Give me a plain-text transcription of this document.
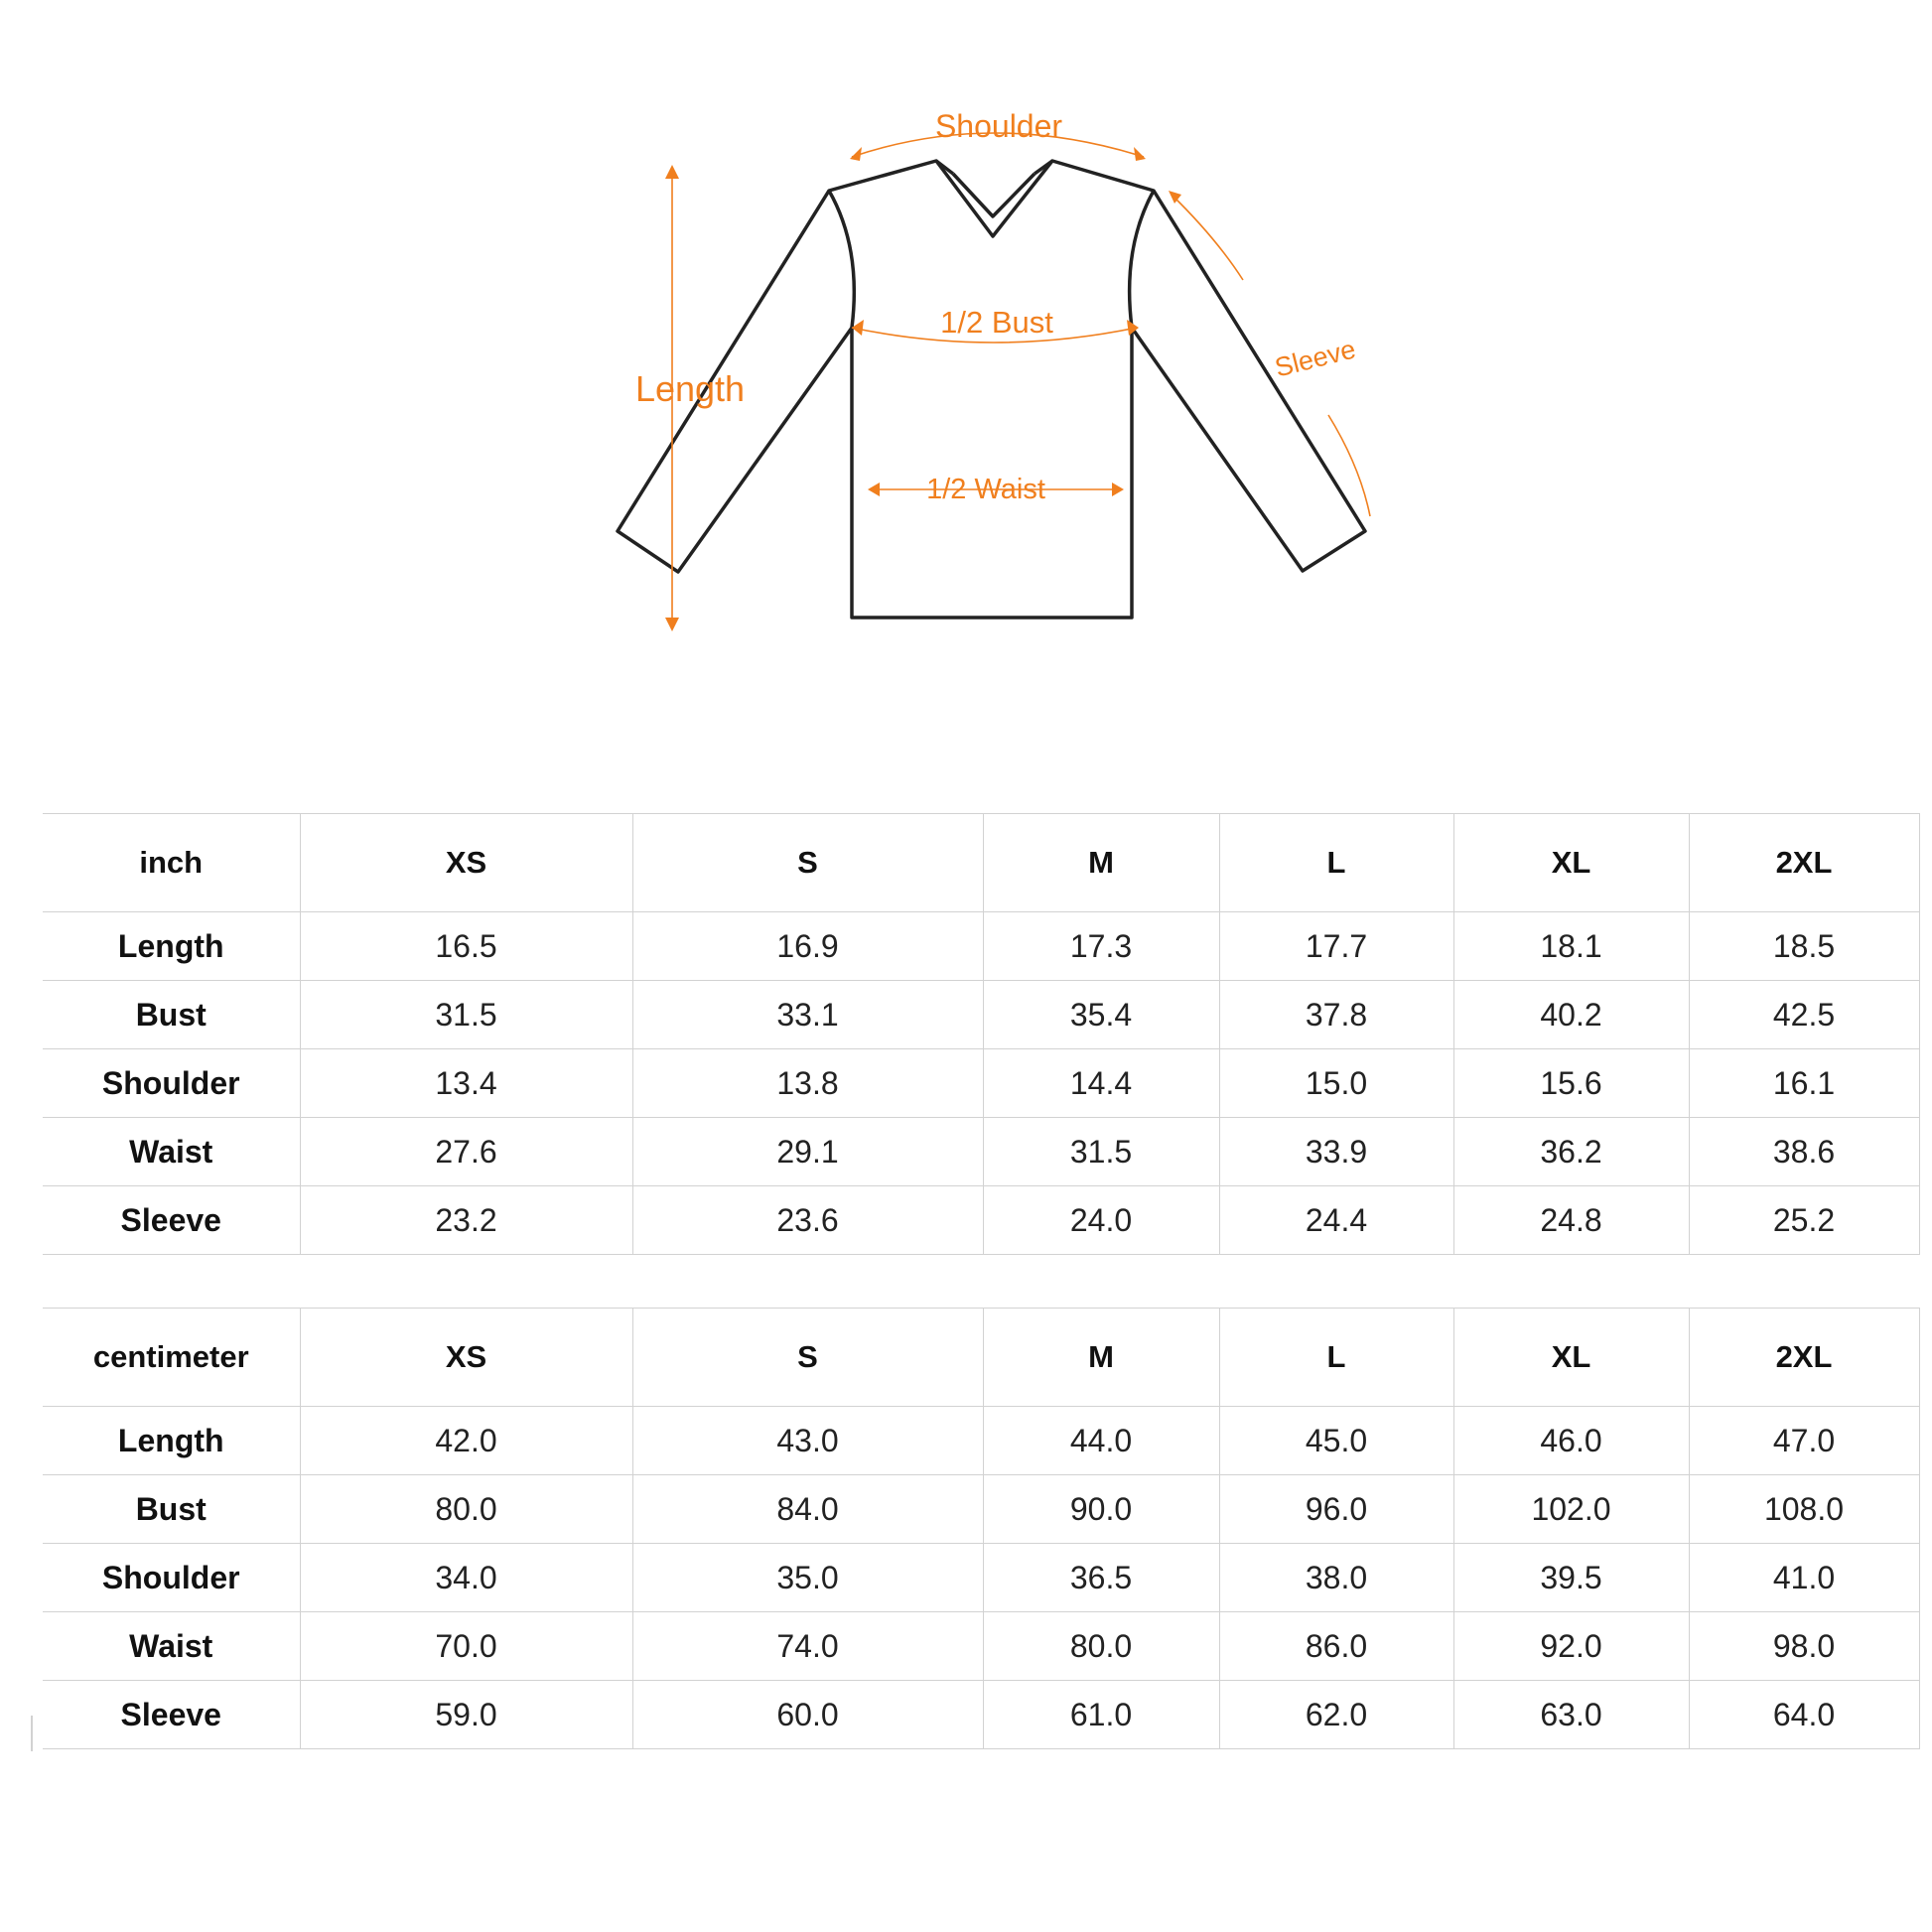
Shoulder
1/2 Bust
1/2 Waist
Length
Sleeve
inch	XS	S	M	L	XL	2XL
Length	16.5	16.9	17.3	17.7	18.1	18.5
Bust	31.5	33.1	35.4	37.8	40.2	42.5
Shoulder	13.4	13.8	14.4	15.0	15.6	16.1
Waist	27.6	29.1	31.5	33.9	36.2	38.6
Sleeve	23.2	23.6	24.0	24.4	24.8	25.2
centimeter	XS	S	M	L	XL	2XL
Length	42.0	43.0	44.0	45.0	46.0	47.0
Bust	80.0	84.0	90.0	96.0	102.0	108.0
Shoulder	34.0	35.0	36.5	38.0	39.5	41.0
Waist	70.0	74.0	80.0	86.0	92.0	98.0
Sleeve	59.0	60.0	61.0	62.0	63.0	64.0
